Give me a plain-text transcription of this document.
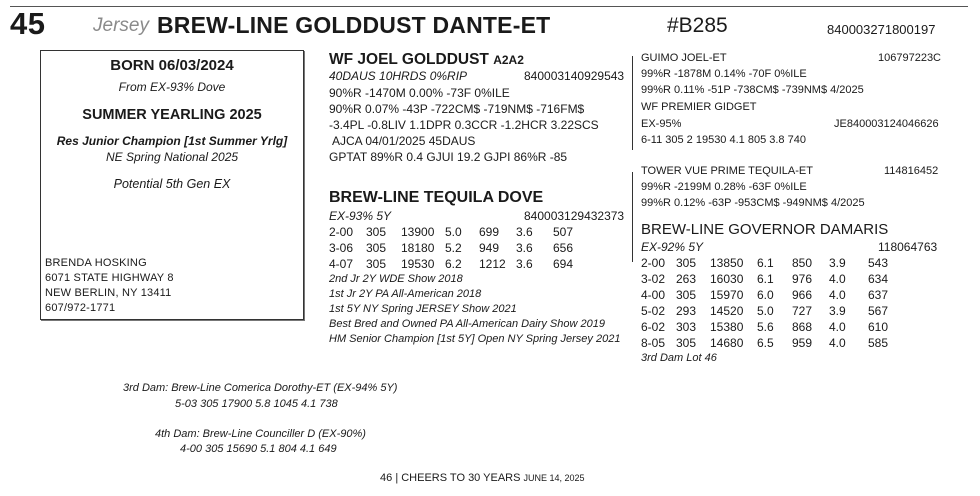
45	Jersey BREW-LINE GOLDDUST DANTE-ET	#B285	840003271800197
BORN 06/03/2024
From EX-93% Dove
SUMMER YEARLING 2025
Res Junior Champion [1st Summer Yrlg]
NE Spring National 2025
Potential 5th Gen EX
BRENDA HOSKING
6071 STATE HIGHWAY 8
NEW BERLIN, NY 13411
607/972-1771
WF JOEL GOLDDUST A2A2
40DAUS 10HRDS 0%RIP	840003140929543
90%R -1470M 0.00% -73F 0%ILE
90%R 0.07% -43P -722CM$ -719NM$ -716FM$
-3.4PL -0.8LIV 1.1DPR 0.3CCR -1.2HCR 3.22SCS
AJCA 04/01/2025 45DAUS
GPTAT 89%R 0.4 GJUI 19.2 GJPI 86%R -85
BREW-LINE TEQUILA DOVE
EX-93% 5Y	840003129432373
2-00 305 13900 5.0 699 3.6 507
3-06 305 18180 5.2 949 3.6 656
4-07 305 19530 6.2 1212 3.6 694
2nd Jr 2Y WDE Show 2018
1st Jr 2Y PA All-American 2018
1st 5Y NY Spring JERSEY Show 2021
Best Bred and Owned PA All-American Dairy Show 2019
HM Senior Champion [1st 5Y] Open NY Spring Jersey 2021
GUIMO JOEL-ET	106797223C
99%R -1878M 0.14% -70F 0%ILE
99%R 0.11% -51P -738CM$ -739NM$ 4/2025
WF PREMIER GIDGET
EX-95%	JE840003124046626
6-11 305 2 19530 4.1 805 3.8 740
TOWER VUE PRIME TEQUILA-ET	114816452
99%R -2199M 0.28% -63F 0%ILE
99%R 0.12% -63P -953CM$ -949NM$ 4/2025
BREW-LINE GOVERNOR DAMARIS
EX-92% 5Y	118064763
2-00 305 13850 6.1 850 3.9 543
3-02 263 16030 6.1 976 4.0 634
4-00 305 15970 6.0 966 4.0 637
5-02 293 14520 5.0 727 3.9 567
6-02 303 15380 5.6 868 4.0 610
8-05 305 14680 6.5 959 4.0 585
3rd Dam Lot 46
3rd Dam: Brew-Line Comerica Dorothy-ET (EX-94% 5Y)
5-03 305 17900 5.8 1045 4.1 738
4th Dam: Brew-Line Counciller D (EX-90%)
4-00 305 15690 5.1 804 4.1 649
46 | CHEERS TO 30 YEARS JUNE 14, 2025
